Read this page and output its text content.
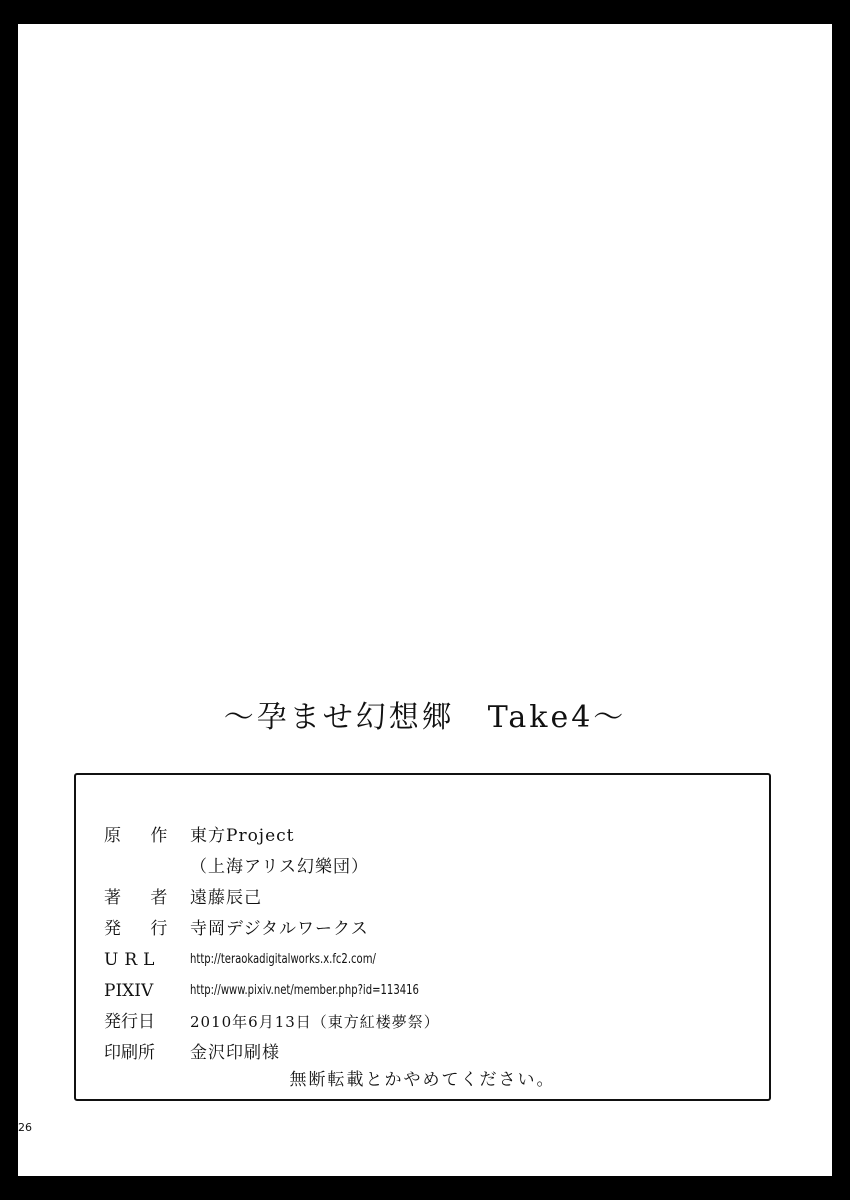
～孕ませ幻想郷　Take4～
原 作 東方Project
（上海アリス幻樂団）
著 者 遠藤辰己
発 行 寺岡デジタルワークス
URL	http://teraokadigitalworks.x.fc2.com/
PIXIV	http://www.pixiv.net/member.php?id=113416
発行日	2010年6月13日（東方紅楼夢祭）
印刷所	金沢印刷様
無断転載とかやめてください。
26
